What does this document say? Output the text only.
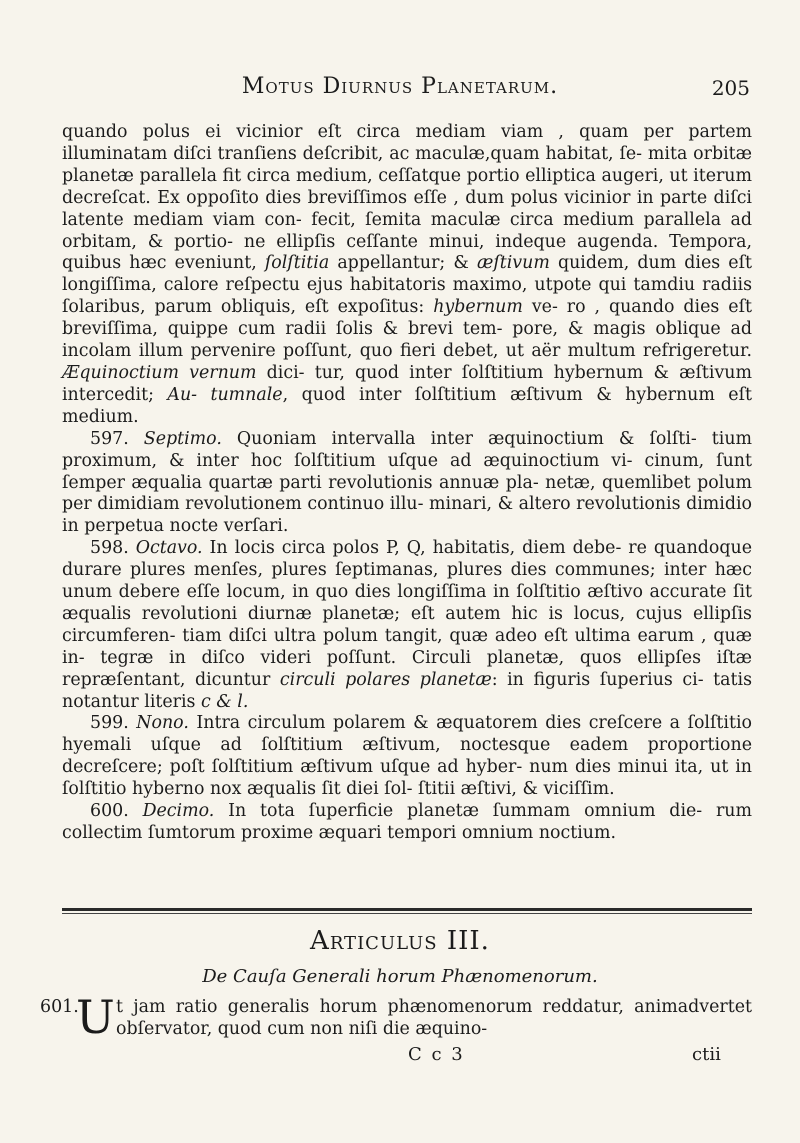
Motus Diurnus Planetarum.	205

quando polus ei vicinior eſt circa mediam viam , quam per partem illuminatam diſci tranſiens deſcribit, ac maculæ,quam habitat, ſe- mita orbitæ planetæ parallela fit circa medium, ceſſatque portio elliptica augeri, ut iterum decreſcat. Ex oppoſito dies breviſſimos eſſe , dum polus vicinior in parte diſci latente mediam viam con- fecit, ſemita maculæ circa medium parallela ad orbitam, & portio- ne ellipſis ceſſante minui, indeque augenda. Tempora, quibus hæc eveniunt, ſolſtitia appellantur; & æſtivum quidem, dum dies eſt longiſſima, calore reſpectu ejus habitatoris maximo, utpote qui tamdiu radiis ſolaribus, parum obliquis, eſt expoſitus: hybernum ve- ro , quando dies eſt breviſſima, quippe cum radii ſolis & brevi tem- pore, & magis oblique ad incolam illum pervenire poſſunt, quo fieri debet, ut aër multum refrigeretur. Æquinoctium vernum dici- tur, quod inter ſolſtitium hybernum & æſtivum intercedit; Au- tumnale, quod inter ſolſtitium æſtivum & hybernum eſt medium.

597. Septimo. Quoniam intervalla inter æquinoctium & ſolſti- tium proximum, & inter hoc ſolſtitium uſque ad æquinoctium vi- cinum, ſunt ſemper æqualia quartæ parti revolutionis annuæ pla- netæ, quemlibet polum per dimidiam revolutionem continuo illu- minari, & altero revolutionis dimidio in perpetua nocte verſari.

598. Octavo. In locis circa polos P, Q, habitatis, diem debe- re quandoque durare plures menſes, plures ſeptimanas, plures dies communes; inter hæc unum debere eſſe locum, in quo dies longiſſima in ſolſtitio æſtivo accurate ſit æqualis revolutioni diurnæ planetæ; eſt autem hic is locus, cujus ellipſis circumferen- tiam diſci ultra polum tangit, quæ adeo eſt ultima earum , quæ in- tegræ in diſco videri poſſunt. Circuli planetæ, quos ellipſes iſtæ repræſentant, dicuntur circuli polares planetæ: in figuris ſuperius ci- tatis notantur literis c & l.

599. Nono. Intra circulum polarem & æquatorem dies creſcere a ſolſtitio hyemali uſque ad ſolſtitium æſtivum, noctesque eadem proportione decreſcere; poſt ſolſtitium æſtivum uſque ad hyber- num dies minui ita, ut in ſolſtitio hyberno nox æqualis ſit diei ſol- ſtitii æſtivi, & viciſſim.

600. Decimo. In tota ſuperficie planetæ ſummam omnium die- rum collectim ſumtorum proxime æquari tempori omnium noctium.

Articulus III.
De Cauſa Generali horum Phænomenorum.
601.
U t jam ratio generalis horum phænomenorum reddatur, animadvertet obſervator, quod cum non niſi die æquino-
C c 3	ctii
